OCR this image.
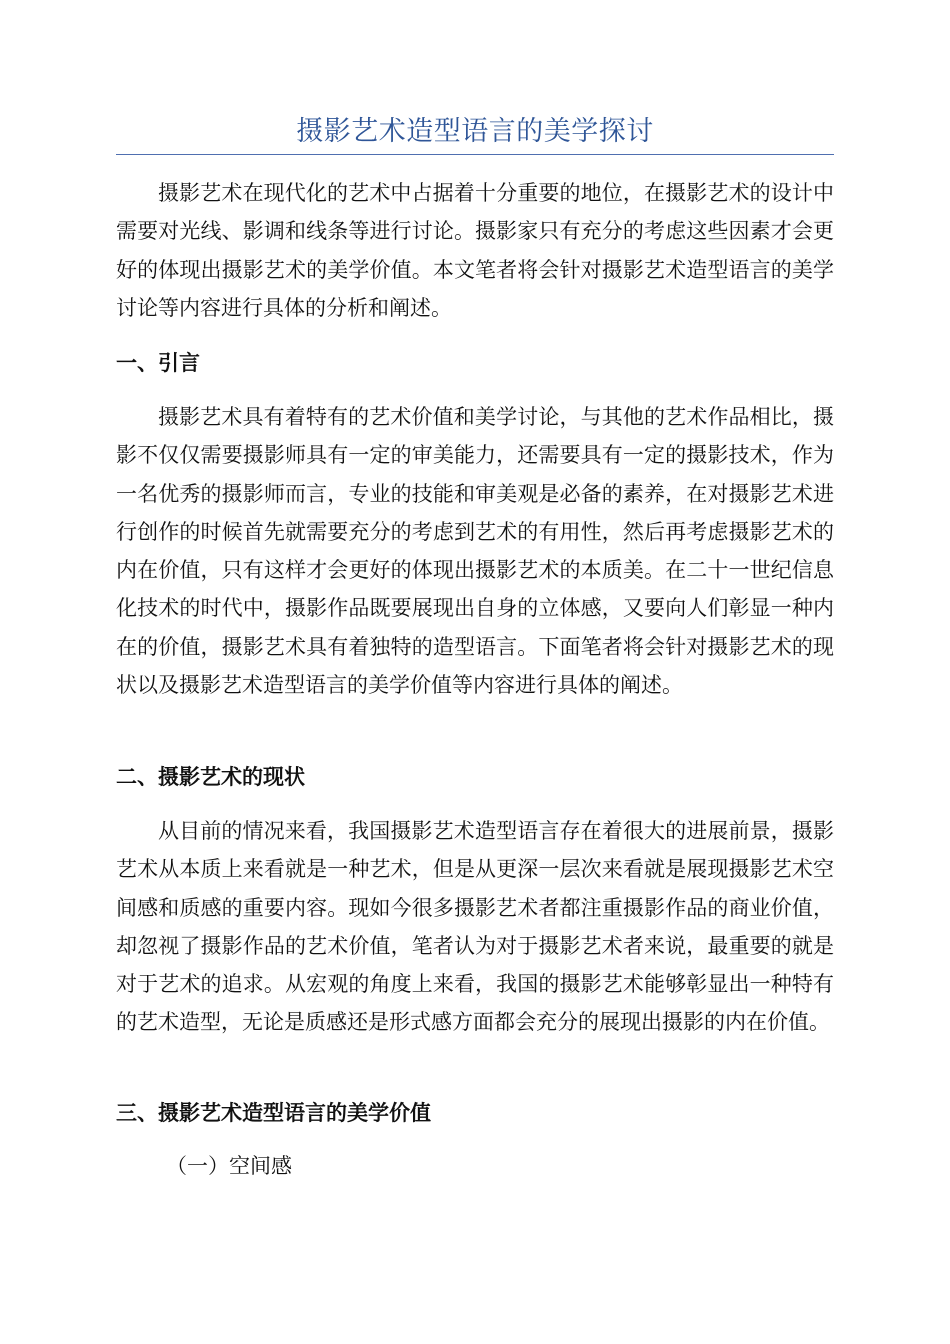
摄影艺术造型语言的美学探讨

摄影艺术在现代化的艺术中占据着十分重要的地位，在摄影艺术的设计中需要对光线、影调和线条等进行讨论。摄影家只有充分的考虑这些因素才会更好的体现出摄影艺术的美学价值。本文笔者将会针对摄影艺术造型语言的美学讨论等内容进行具体的分析和阐述。

一、引言

摄影艺术具有着特有的艺术价值和美学讨论，与其他的艺术作品相比，摄影不仅仅需要摄影师具有一定的审美能力，还需要具有一定的摄影技术，作为一名优秀的摄影师而言，专业的技能和审美观是必备的素养，在对摄影艺术进行创作的时候首先就需要充分的考虑到艺术的有用性，然后再考虑摄影艺术的内在价值，只有这样才会更好的体现出摄影艺术的本质美。在二十一世纪信息化技术的时代中，摄影作品既要展现出自身的立体感，又要向人们彰显一种内在的价值，摄影艺术具有着独特的造型语言。下面笔者将会针对摄影艺术的现状以及摄影艺术造型语言的美学价值等内容进行具体的阐述。

二、摄影艺术的现状

从目前的情况来看，我国摄影艺术造型语言存在着很大的进展前景，摄影艺术从本质上来看就是一种艺术，但是从更深一层次来看就是展现摄影艺术空间感和质感的重要内容。现如今很多摄影艺术者都注重摄影作品的商业价值，却忽视了摄影作品的艺术价值，笔者认为对于摄影艺术者来说，最重要的就是对于艺术的追求。从宏观的角度上来看，我国的摄影艺术能够彰显出一种特有的艺术造型，无论是质感还是形式感方面都会充分的展现出摄影的内在价值。

三、摄影艺术造型语言的美学价值
（一）空间感
